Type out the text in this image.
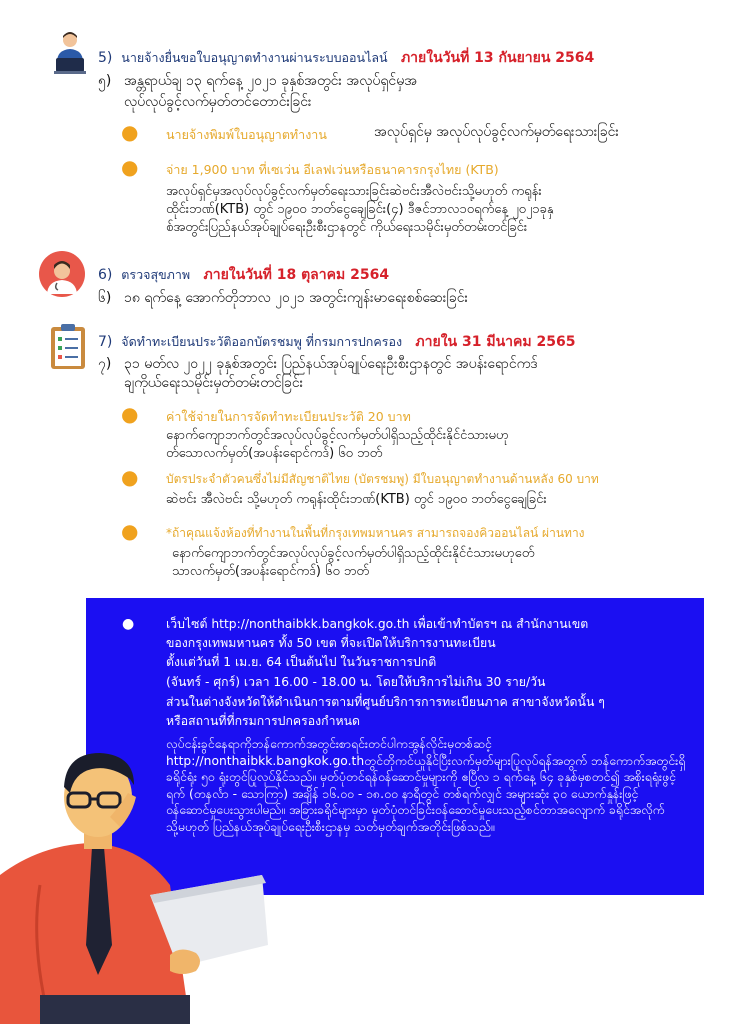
5) นายจ้างยื่นขอใบอนุญาตทำงานผ่านระบบออนไลน์ ภายในวันที่ 13 กันยายน 2564
၅) အန္တရာယ်ချ ၁၃ ရက်နေ့ ၂၀၂၁ ခုနှစ်အတွင်း အလုပ်ရှင်မှအ
လုပ်လုပ်ခွင့်လက်မှတ်တင်တောင်းခြင်း
● นายจ้างพิมพ์ใบอนุญาตทำงาน	အလုပ်ရှင်မှ အလုပ်လုပ်ခွင့်လက်မှတ်ရေးသားခြင်း
● จ่าย 1,900 บาท ที่เซเว่น อีเลฟเว่นหรือธนาคารกรุงไทย (KTB)
အလုပ်ရှင်မှအလုပ်လုပ်ခွင့်လက်မှတ်ရေးသားခြင်းဆဲဗင်းအီလဲဗင်းသို့မဟုတ် ကရုန်း
ထိုင်းဘဏ်(KTB) တွင် ၁၉၀၀ ဘတ်ငွေချေခြင်း(၄) ဒီဇင်ဘာလ၁၀ရက်နေ့ ၂၀၂၁ခုနှ
စ်အတွင်းပြည်နယ်အုပ်ချုပ်ရေးဦးစီးဌာနတွင် ကိုယ်ရေးသမိုင်းမှတ်တမ်းတင်ခြင်း
6) ตรวจสุขภาพ ภายในวันที่ 18 ตุลาคม 2564
၆) ၁၈ ရက်နေ့ အောက်တိုဘာလ ၂၀၂၁ အတွင်းကျန်းမာရေးစစ်ဆေးခြင်း
7) จัดทำทะเบียนประวัติออกบัตรชมพู ที่กรมการปกครอง ภายใน 31 มีนาคม 2565
၇) ၃၁ မတ်လ ၂၀၂၂ ခုနှစ်အတွင်း ပြည်နယ်အုပ်ချုပ်ရေးဦးစီးဌာနတွင် အပန်းရောင်ကဒ်
ချကိုယ်ရေးသမိုင်းမှတ်တမ်းတင်ခြင်း
● ค่าใช้จ่ายในการจัดทำทะเบียนประวัติ 20 บาท
နောက်ကျောဘက်တွင်အလုပ်လုပ်ခွင့်လက်မှတ်ပါရှိသည့်ထိုင်းနိုင်ငံသားမဟု
တ်သောလက်မှတ်(အပန်းရောင်ကဒ်) ၆၀ ဘတ်
● บัตรประจำตัวคนซึ่งไม่มีสัญชาติไทย (บัตรชมพู) มีใบอนุญาตทำงานด้านหลัง 60 บาท
ဆဲဗင်း အီလဲဗင်း သို့မဟုတ် ကရုန်းထိုင်းဘဏ်(KTB) တွင် ၁၉၀၀ ဘတ်ငွေချေခြင်း
● *ถ้าคุณแจ้งห้องที่ทำงานในพื้นที่กรุงเทพมหานคร สามารถจองคิวออนไลน์ ผ่านทาง
နောက်ကျောဘက်တွင်အလုပ်လုပ်ခွင့်လက်မှတ်ပါရှိသည့်ထိုင်းနိုင်ငံသားမဟုတ်ေ
သာလက်မှတ်(အပန်းရောင်ကဒ်) ၆၀ ဘတ်
●	เว็บไซต์ http://nonthaibkk.bangkok.go.th เพื่อเข้าทำบัตรฯ ณ สำนักงานเขต
ของกรุงเทพมหานคร ทั้ง 50 เขต ที่จะเปิดให้บริการงานทะเบียน
ตั้งแต่วันที่ 1 เม.ย. 64 เป็นต้นไป ในวันราชการปกติ
(จันทร์ - ศุกร์) เวลา 16.00 - 18.00 น. โดยให้บริการไม่เกิน 30 ราย/วัน
ส่วนในต่างจังหวัดให้ดำเนินการตามที่ศูนย์บริการการทะเบียนภาค สาขาจังหวัดนั้น ๆ
หรือสถานที่ที่กรมการปกครองกำหนด
လုပ်ငန်းခွင်နေရာကိုဘန်ကောက်အတွင်းစာရင်းတင်ပါကအွန်လိုင်းမှတစ်ဆင့် http://nonthaibkk.bangkok.go.thတွင်တိုကင်ယူနိုင်ပြီးလက်မှတ်များပြုလုပ်ရန်အတွက် ဘန်ကောက်အတွင်းရှိ ခရိုင်ရုံး ၅၀ ရုံးတွင်ပြုလုပ်နိုင်သည်။ မှတ်ပုံတင်ရန်ဝန်ဆောင်မှုများကို ဧပြီလ ၁ ရက်နေ့ ၆၄ ခုနှစ်မှစတင်၍ အစိုးရရုံးဖွင့်ရက် (တနင်္လာ - သောကြာ) အချိန် ၁၆.၀၀ - ၁၈.၀၀ နာရီတွင် တစ်ရက်လျှင် အများဆုံး ၃၀ ယောက်နှုန်းဖြင့်ဝန်ဆောင်မှုပေးသွားပါမည်။ အခြားခရိုင်များမှာ မှတ်ပုံတင်ခြင်းဝန်ဆောင်မှုပေးသည့်စင်တာအလျောက် ခရိုင်အလိုက် သို့မဟုတ် ပြည်နယ်အုပ်ချုပ်ရေးဦးစီးဌာနမှ သတ်မှတ်ချက်အတိုင်းဖြစ်သည်။
